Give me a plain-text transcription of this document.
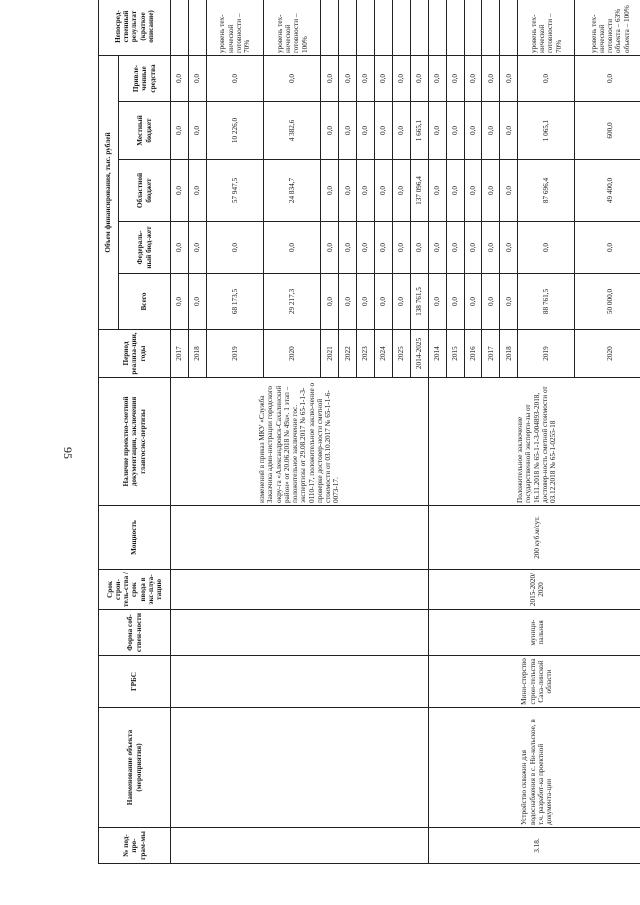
95
№ под-про-грам-мы	Наименование объекта (мероприятия)	ГРБС	Форма соб-ствен-ности	Срок строи-тель-ства / срок ввода в экс-плуа-тацию	Мощность	Наличие проектно-сметной документации, заключения главгосэкс-пертизы	Период реализа-ции, годы	Объем финансирования, тыс. рублей					Непосред-ственный результат (краткое описание)
								Всего	Федераль-ный бюд-жет	Областной бюджет	Местный бюджет	Привле-ченные средства	
						изменений в приказ МКУ «Служба Заказчика адми-нистрации городского окру-га «Александровск-Сахалинский район» от 20.06.2018 № 49а». 1 этап – положительное заключение гос. экспертизы от 29.08.2017 № 65-1-1-3-0110-17, положительное заклю-чение о проверке достовер-ности сметной стоимости от 03.10.2017 № 65-1-1-6-0073-17.	2017	0,0	0,0	0,0	0,0	0,0	
							2018	0,0	0,0	0,0	0,0	0,0	
							2019	68 173,5	0,0	57 947,5	10 226,0	0,0	уровень тех-нической готовности – 70%
							2020	29 217,3	0,0	24 834,7	4 382,6	0,0	уровень тех-нической готовности – 100%
							2021	0,0	0,0	0,0	0,0	0,0	
							2022	0,0	0,0	0,0	0,0	0,0	
							2023	0,0	0,0	0,0	0,0	0,0	
							2024	0,0	0,0	0,0	0,0	0,0	
							2025	0,0	0,0	0,0	0,0	0,0	
							2014-2025	138 761,5	0,0	137 096,4	1 665,1	0,0	
3.18.	Устройство скважин для водоснабжения в с. Ни-кольское, в т.ч. разработ-ка проектной документа-ции	Мини-стерство строи-тельства Саха-линской области	муници-пальная	2015-2020/ 2020	200 куб.м/сут.	Положительное заключение государственной эксперти-зы от 16.11.2018 № 65-1-1-3-004893-2018, достовер-ность сметной стоимости от 03.12.2018 № 65-1-0255-18	2014	0,0	0,0	0,0	0,0	0,0	
							2015	0,0	0,0	0,0	0,0	0,0	
							2016	0,0	0,0	0,0	0,0	0,0	
							2017	0,0	0,0	0,0	0,0	0,0	
							2018	0,0	0,0	0,0	0,0	0,0	
							2019	88 761,5	0,0	87 696,4	1 065,1	0,0	уровень тех-нической готовности – 70%
							2020	50 000,0	0,0	49 400,0	600,0	0,0	уровень тех-нической готовности объекта – 63% объекта – 100%
